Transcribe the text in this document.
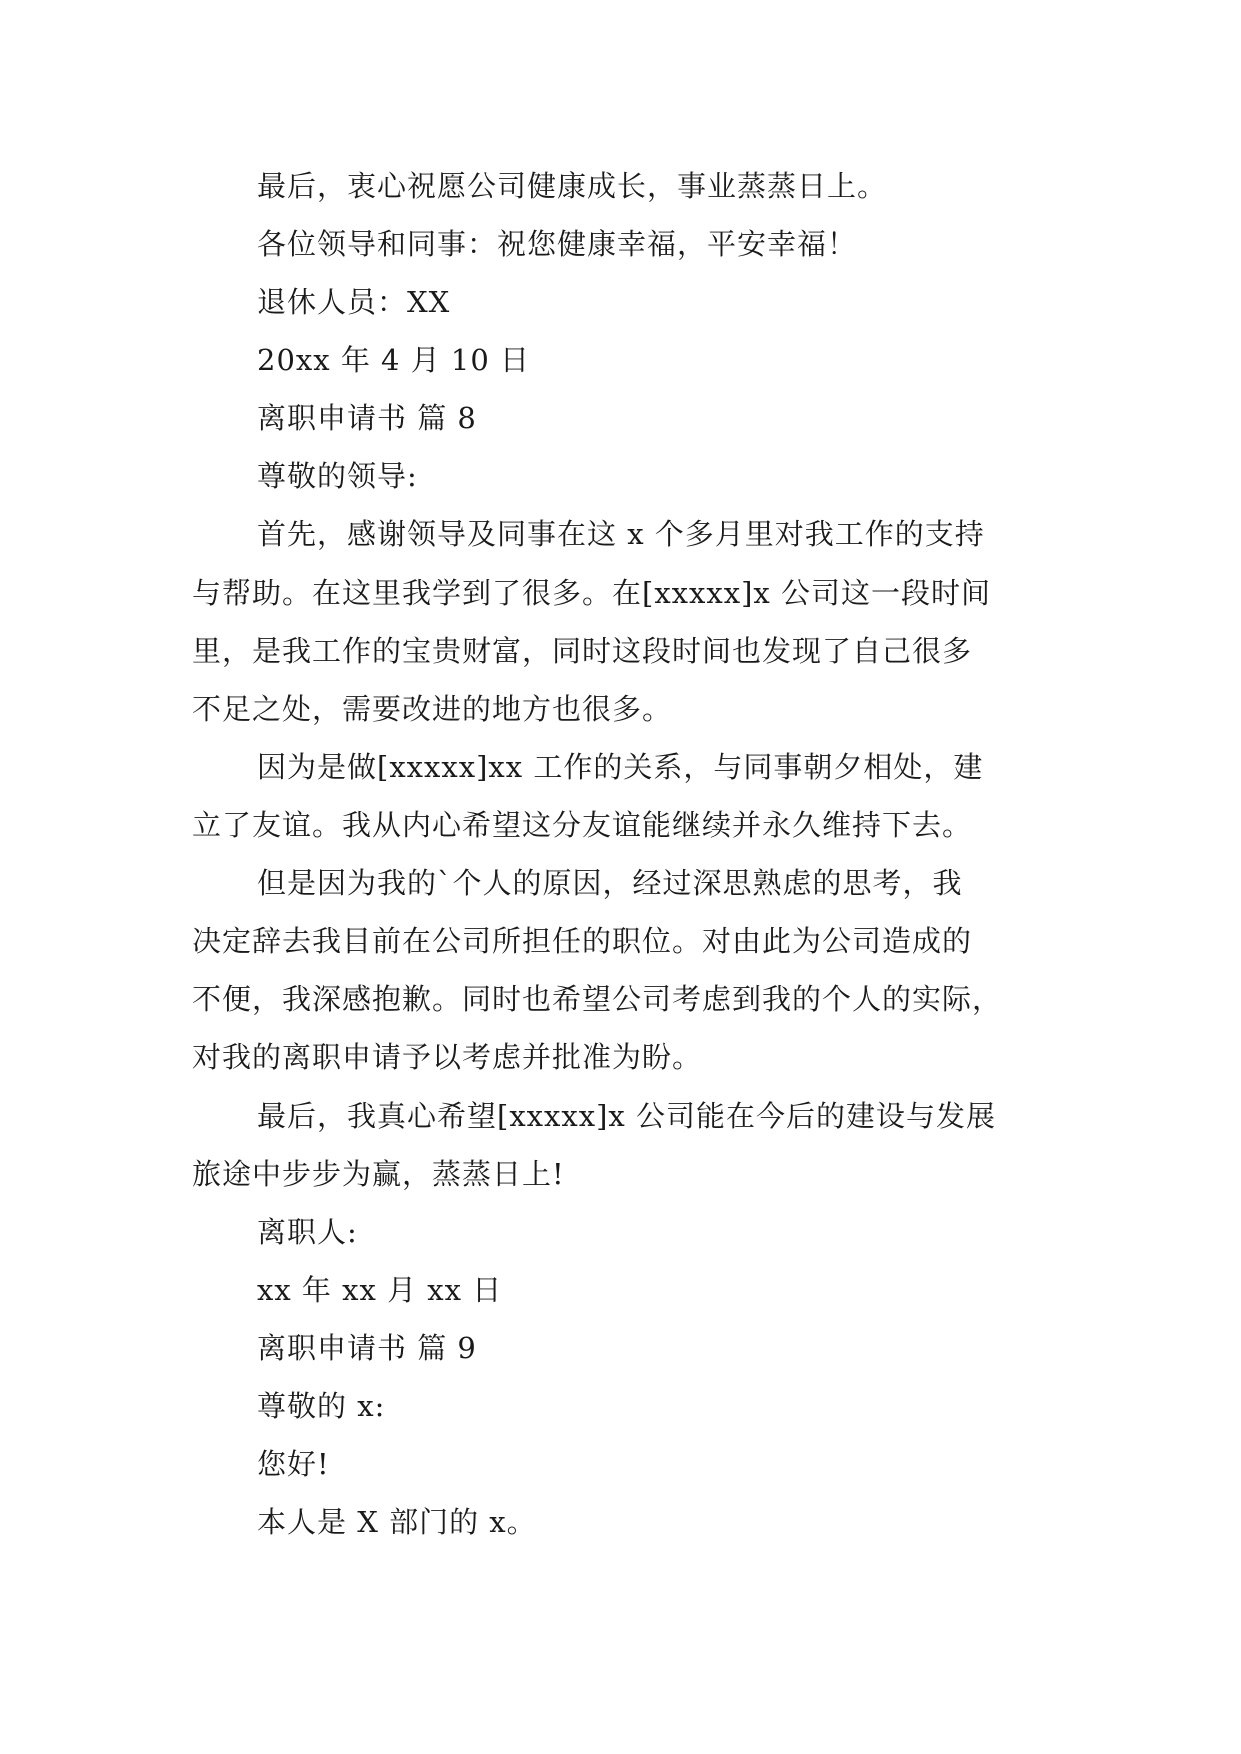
最后，衷心祝愿公司健康成长，事业蒸蒸日上。

各位领导和同事：祝您健康幸福，平安幸福！

退休人员：XX

20xx 年 4 月 10 日

离职申请书 篇 8

尊敬的领导:

首先，感谢领导及同事在这 x 个多月里对我工作的支持

与帮助。在这里我学到了很多。在[xxxxx]x 公司这一段时间

里，是我工作的宝贵财富，同时这段时间也发现了自己很多

不足之处，需要改进的地方也很多。

因为是做[xxxxx]xx 工作的关系，与同事朝夕相处，建

立了友谊。我从内心希望这分友谊能继续并永久维持下去。

但是因为我的`个人的原因，经过深思熟虑的思考，我

决定辞去我目前在公司所担任的职位。对由此为公司造成的

不便，我深感抱歉。同时也希望公司考虑到我的个人的实际，

对我的离职申请予以考虑并批准为盼。

最后，我真心希望[xxxxx]x 公司能在今后的建设与发展

旅途中步步为赢，蒸蒸日上!

离职人:

xx 年 xx 月 xx 日

离职申请书 篇 9

尊敬的 x:

您好!

本人是 X 部门的 x。
